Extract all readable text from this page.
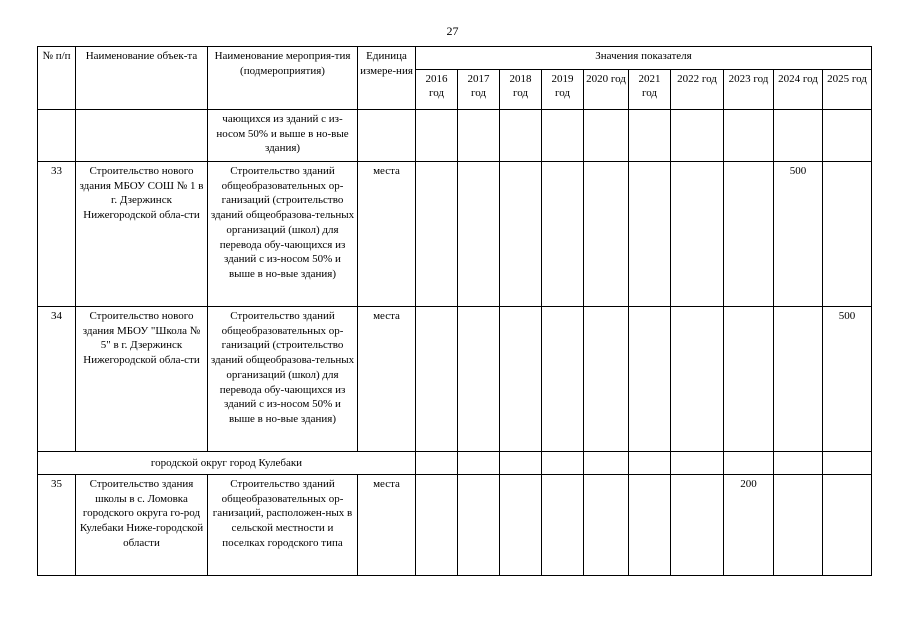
27
№ п/п	Наименование объек-та	Наименование мероприя-тия (подмероприятия)	Единица измере-ния	Значения показателя									
				2016 год	2017 год	2018 год	2019 год	2020 год	2021 год	2022 год	2023 год	2024 год	2025 год
		чающихся из зданий с из-носом 50% и выше в но-вые здания)											
33	Строительство нового здания МБОУ СОШ № 1 в г. Дзержинск Нижегородской обла-сти	Строительство зданий общеобразовательных ор-ганизаций (строительство зданий общеобразова-тельных организаций (школ) для перевода обу-чающихся из зданий с из-носом 50% и выше в но-вые здания)	места									500	
34	Строительство нового здания МБОУ "Школа № 5" в г. Дзержинск Нижегородской обла-сти	Строительство зданий общеобразовательных ор-ганизаций (строительство зданий общеобразова-тельных организаций (школ) для перевода обу-чающихся из зданий с из-носом 50% и выше в но-вые здания)	места										500
городской округ город Кулебаки													
35	Строительство здания школы в с. Ломовка городского округа го-род Кулебаки Ниже-городской области	Строительство зданий общеобразовательных ор-ганизаций, расположен-ных в сельской местности и поселках городского типа	места								200		
